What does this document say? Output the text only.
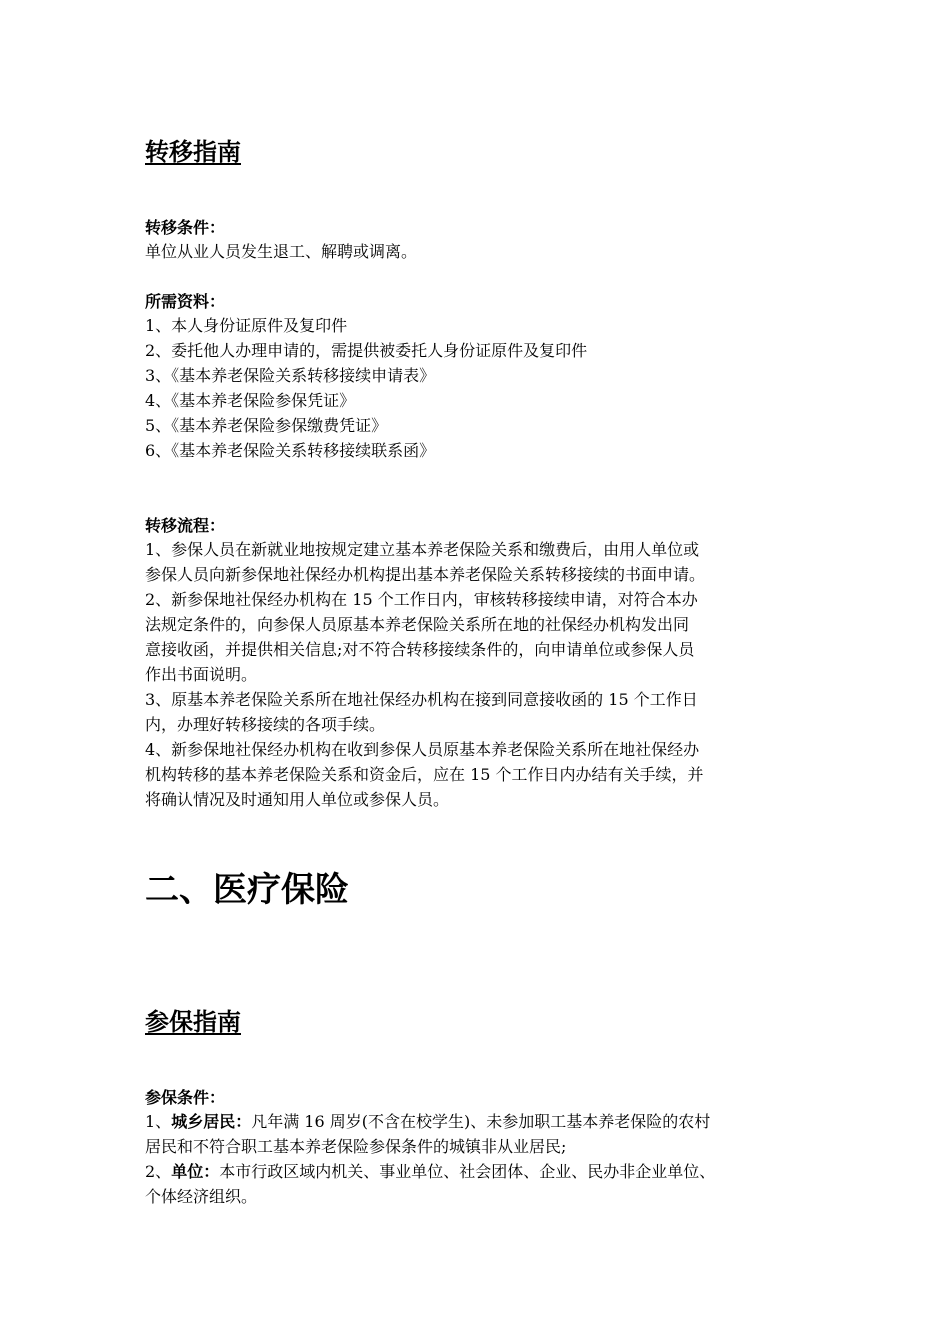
转移指南
转移条件：
单位从业人员发生退工、解聘或调离。
所需资料：
1、本人身份证原件及复印件
2、委托他人办理申请的，需提供被委托人身份证原件及复印件
3、《基本养老保险关系转移接续申请表》
4、《基本养老保险参保凭证》
5、《基本养老保险参保缴费凭证》
6、《基本养老保险关系转移接续联系函》
转移流程：
1、参保人员在新就业地按规定建立基本养老保险关系和缴费后，由用人单位或
参保人员向新参保地社保经办机构提出基本养老保险关系转移接续的书面申请。
2、新参保地社保经办机构在 15 个工作日内，审核转移接续申请，对符合本办
法规定条件的，向参保人员原基本养老保险关系所在地的社保经办机构发出同
意接收函，并提供相关信息;对不符合转移接续条件的，向申请单位或参保人员
作出书面说明。
3、原基本养老保险关系所在地社保经办机构在接到同意接收函的 15 个工作日
内，办理好转移接续的各项手续。
4、新参保地社保经办机构在收到参保人员原基本养老保险关系所在地社保经办
机构转移的基本养老保险关系和资金后，应在 15 个工作日内办结有关手续，并
将确认情况及时通知用人单位或参保人员。
二、医疗保险
参保指南
参保条件：
1、城乡居民：凡年满 16 周岁(不含在校学生)、未参加职工基本养老保险的农村
居民和不符合职工基本养老保险参保条件的城镇非从业居民;
2、单位：本市行政区域内机关、事业单位、社会团体、企业、民办非企业单位、
个体经济组织。
